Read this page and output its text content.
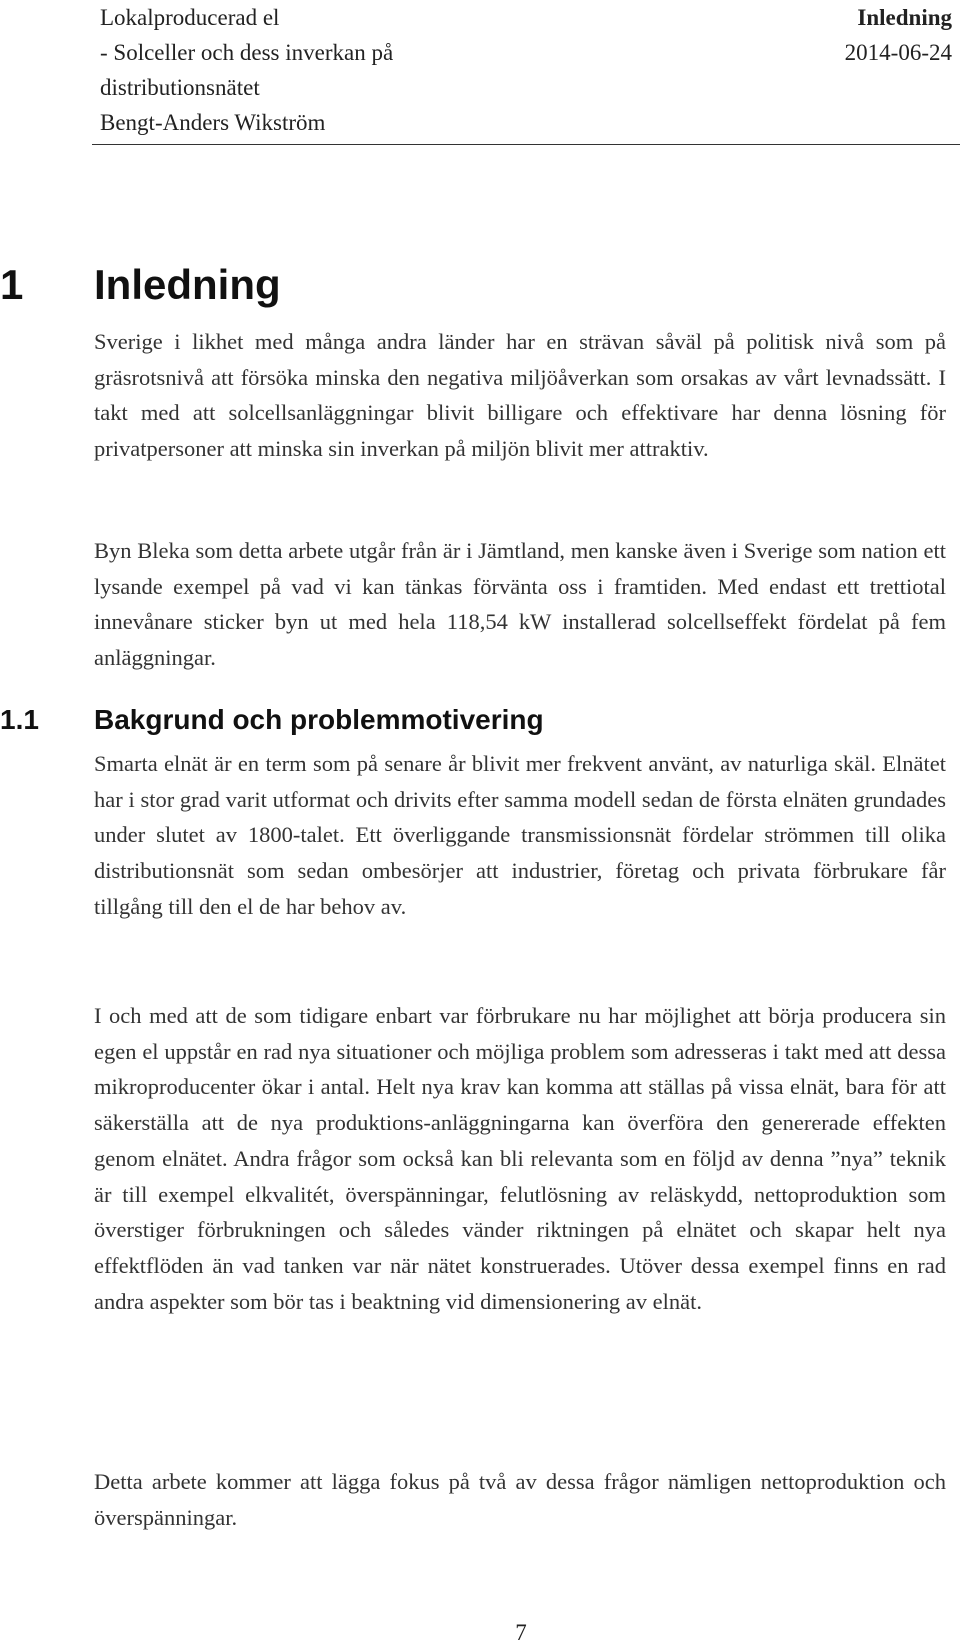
Lokalproducerad el
- Solceller och dess inverkan på
distributionsnätet
Bengt-Anders Wikström
Inledning
2014-06-24
1 Inledning

Sverige i likhet med många andra länder har en strävan såväl på politisk nivå som på gräsrotsnivå att försöka minska den negativa miljöåverkan som orsakas av vårt levnadssätt. I takt med att solcellsanläggningar blivit billigare och effektivare har denna lösning för privatpersoner att minska sin inverkan på miljön blivit mer attraktiv.

Byn Bleka som detta arbete utgår från är i Jämtland, men kanske även i Sverige som nation ett lysande exempel på vad vi kan tänkas förvänta oss i framtiden. Med endast ett trettiotal innevånare sticker byn ut med hela 118,54 kW installerad solcellseffekt fördelat på fem anläggningar.

1.1 Bakgrund och problemmotivering

Smarta elnät är en term som på senare år blivit mer frekvent använt, av naturliga skäl. Elnätet har i stor grad varit utformat och drivits efter samma modell sedan de första elnäten grundades under slutet av 1800-talet. Ett överliggande transmissionsnät fördelar strömmen till olika distributionsnät som sedan ombesörjer att industrier, företag och privata förbrukare får tillgång till den el de har behov av.

I och med att de som tidigare enbart var förbrukare nu har möjlighet att börja producera sin egen el uppstår en rad nya situationer och möjliga problem som adresseras i takt med att dessa mikroproducenter ökar i antal. Helt nya krav kan komma att ställas på vissa elnät, bara för att säkerställa att de nya produktions-anläggningarna kan överföra den genererade effekten genom elnätet. Andra frågor som också kan bli relevanta som en följd av denna ”nya” teknik är till exempel elkvalitét, överspänningar, felutlösning av reläskydd, nettoproduktion som överstiger förbrukningen och således vänder riktningen på elnätet och skapar helt nya effektflöden än vad tanken var när nätet konstruerades. Utöver dessa exempel finns en rad andra aspekter som bör tas i beaktning vid dimensionering av elnät.

Detta arbete kommer att lägga fokus på två av dessa frågor nämligen nettoproduktion och överspänningar.

7
